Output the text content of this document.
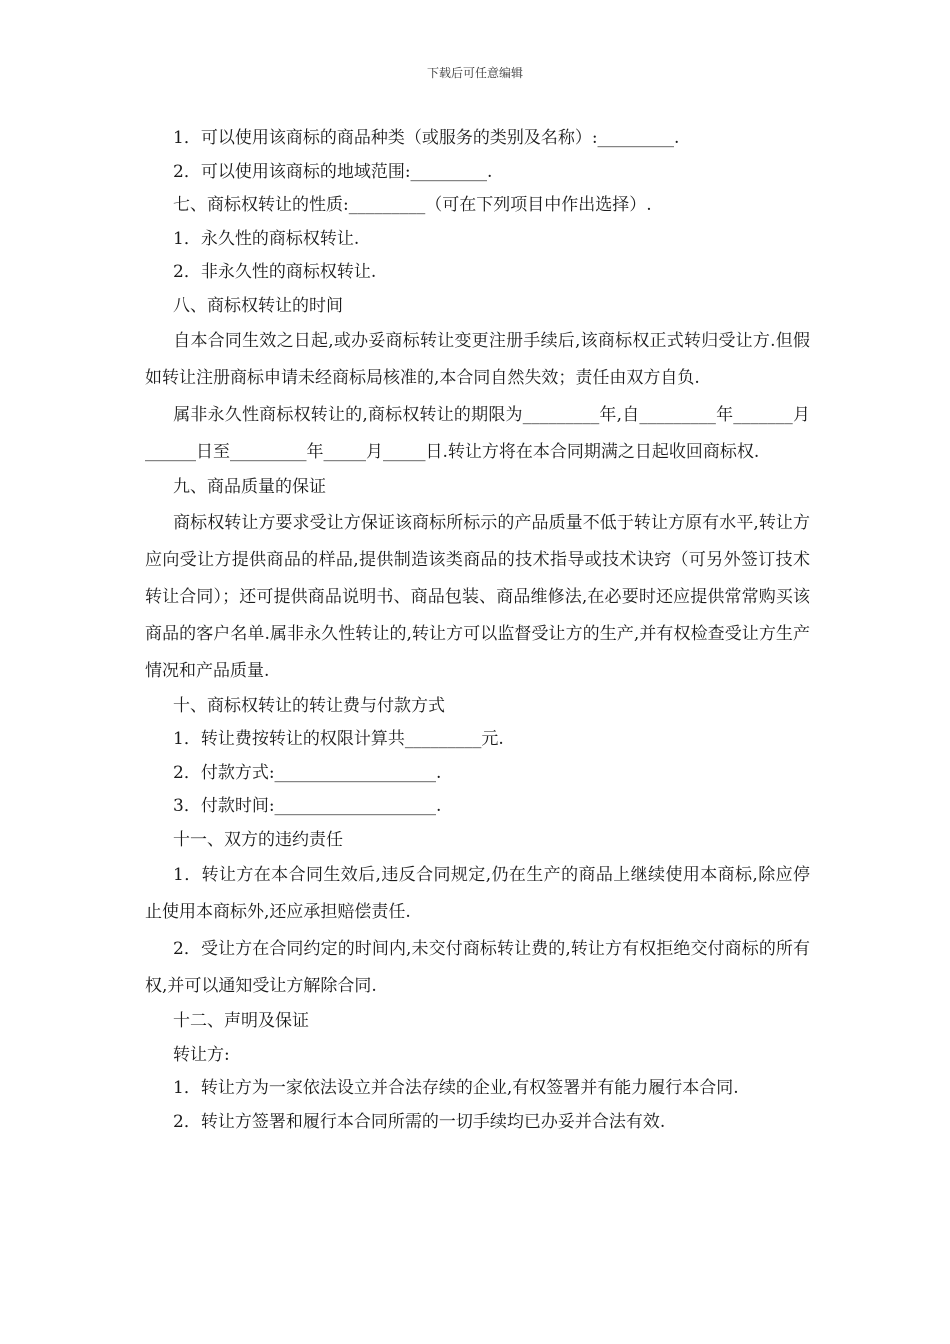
下载后可任意编辑
1．可以使用该商标的商品种类（或服务的类别及名称）:_________.
2．可以使用该商标的地域范围:_________.
七、商标权转让的性质:_________（可在下列项目中作出选择）.
1．永久性的商标权转让.
2．非永久性的商标权转让.
八、商标权转让的时间
自本合同生效之日起,或办妥商标转让变更注册手续后,该商标权正式转归受让方.但假如转让注册商标申请未经商标局核准的,本合同自然失效；责任由双方自负.
属非永久性商标权转让的,商标权转让的期限为_________年,自_________年_______月______日至_________年_____月_____日.转让方将在本合同期满之日起收回商标权.
九、商品质量的保证
商标权转让方要求受让方保证该商标所标示的产品质量不低于转让方原有水平,转让方应向受让方提供商品的样品,提供制造该类商品的技术指导或技术诀窍（可另外签订技术转让合同）；还可提供商品说明书、商品包装、商品维修法,在必要时还应提供常常购买该商品的客户名单.属非永久性转让的,转让方可以监督受让方的生产,并有权检查受让方生产情况和产品质量.
十、商标权转让的转让费与付款方式
1．转让费按转让的权限计算共_________元.
2．付款方式:___________________.
3．付款时间:___________________.
十一、双方的违约责任
1．转让方在本合同生效后,违反合同规定,仍在生产的商品上继续使用本商标,除应停止使用本商标外,还应承担赔偿责任.
2．受让方在合同约定的时间内,未交付商标转让费的,转让方有权拒绝交付商标的所有权,并可以通知受让方解除合同.
十二、声明及保证
转让方:
1．转让方为一家依法设立并合法存续的企业,有权签署并有能力履行本合同.
2．转让方签署和履行本合同所需的一切手续均已办妥并合法有效.
